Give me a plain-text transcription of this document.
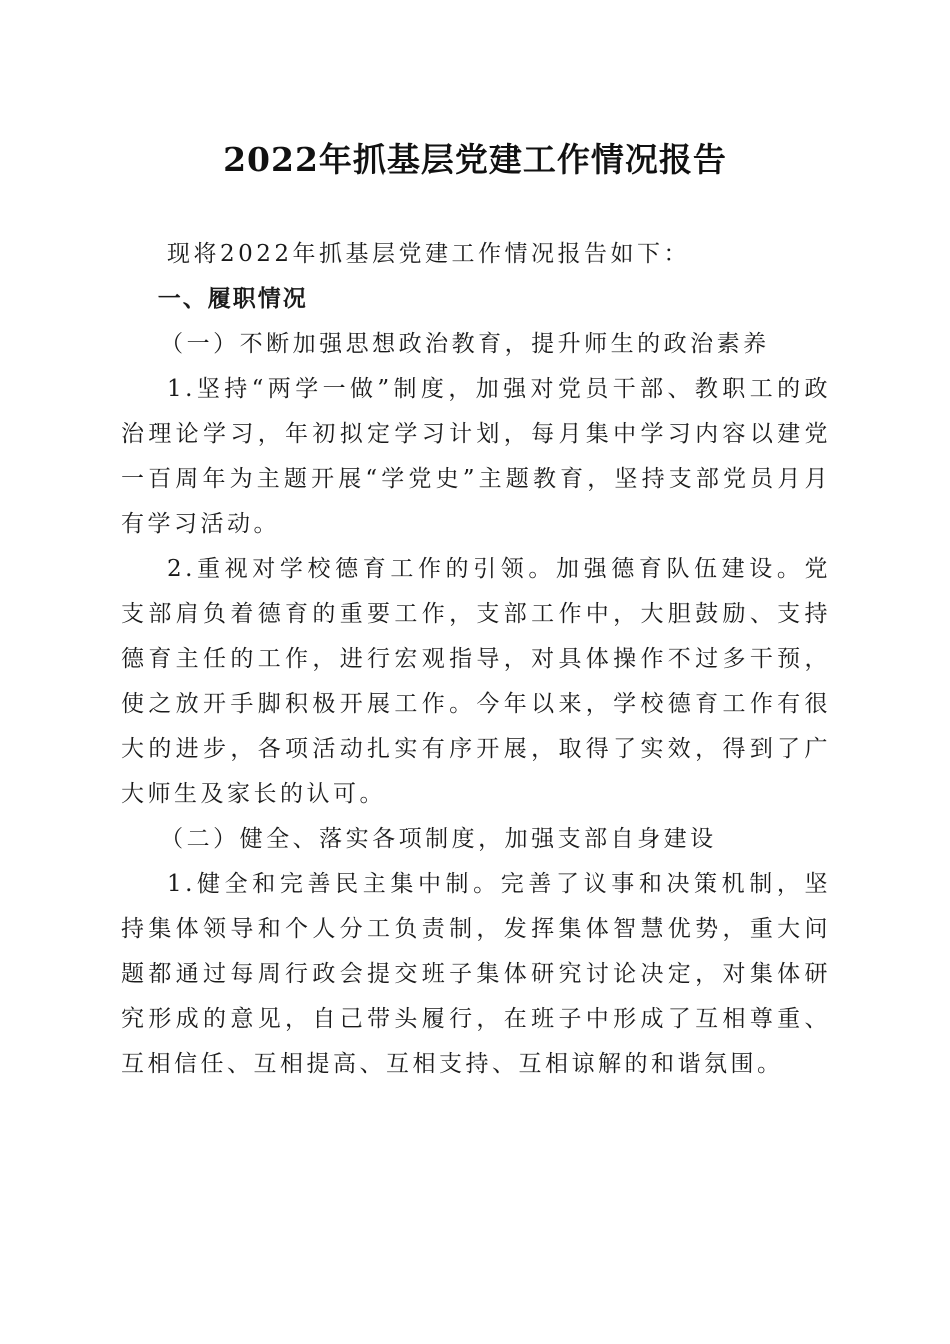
2022年抓基层党建工作情况报告

现将2022年抓基层党建工作情况报告如下：

一、履职情况

（一）不断加强思想政治教育，提升师生的政治素养

1.坚持“两学一做”制度，加强对党员干部、教职工的政治理论学习，年初拟定学习计划，每月集中学习内容以建党一百周年为主题开展“学党史”主题教育，坚持支部党员月月有学习活动。

2.重视对学校德育工作的引领。加强德育队伍建设。党支部肩负着德育的重要工作，支部工作中，大胆鼓励、支持德育主任的工作，进行宏观指导，对具体操作不过多干预，使之放开手脚积极开展工作。今年以来，学校德育工作有很大的进步，各项活动扎实有序开展，取得了实效，得到了广大师生及家长的认可。

（二）健全、落实各项制度，加强支部自身建设

1.健全和完善民主集中制。完善了议事和决策机制，坚持集体领导和个人分工负责制，发挥集体智慧优势，重大问题都通过每周行政会提交班子集体研究讨论决定，对集体研究形成的意见，自己带头履行，在班子中形成了互相尊重、互相信任、互相提高、互相支持、互相谅解的和谐氛围。
